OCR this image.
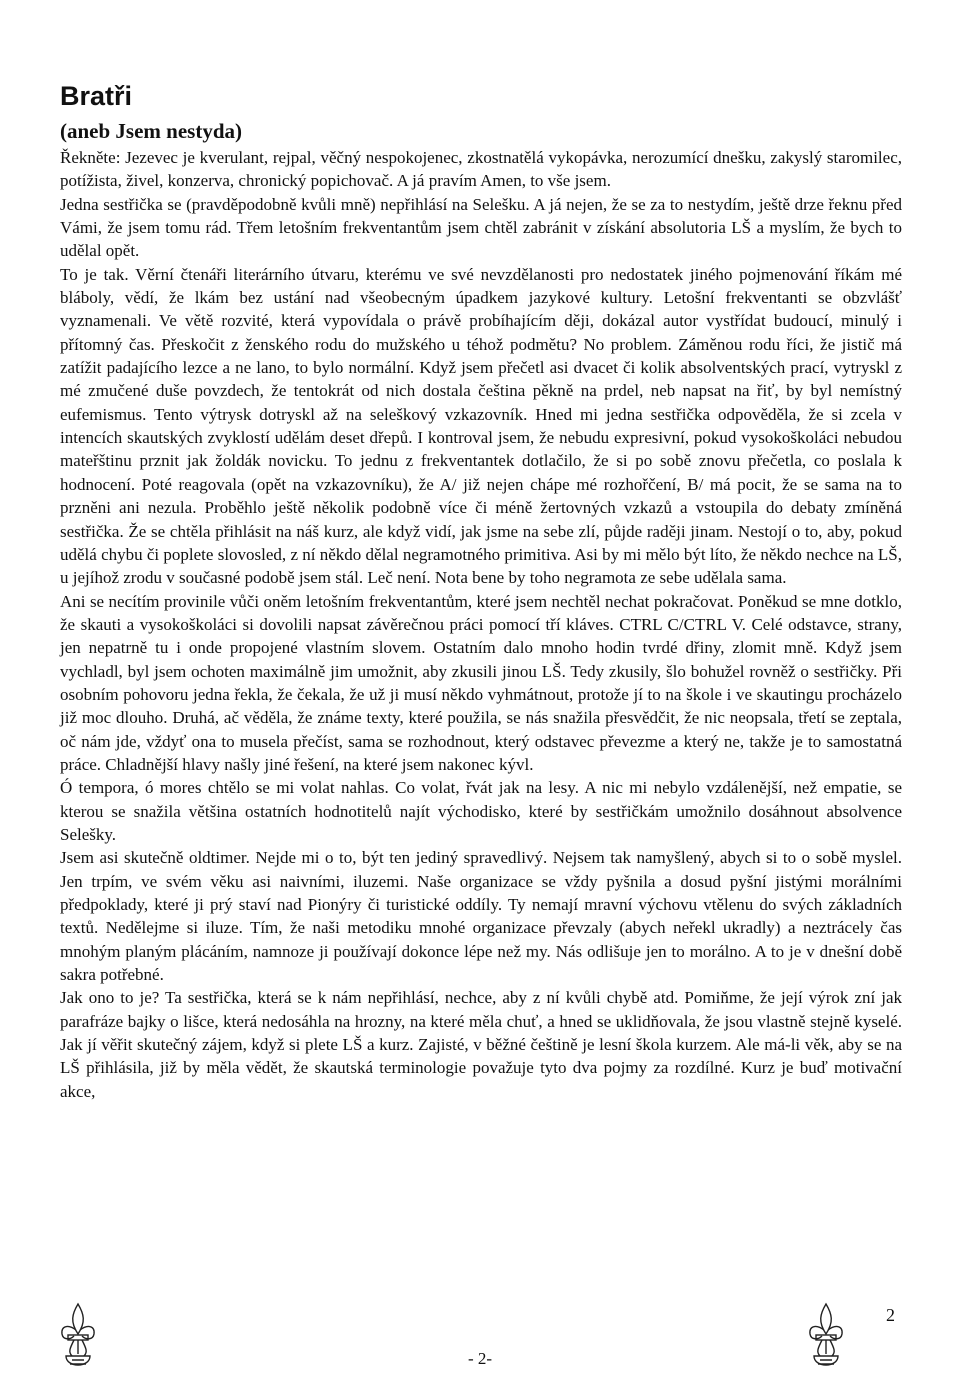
Bratři
(aneb Jsem nestyda)

Řekněte: Jezevec je kverulant, rejpal, věčný nespokojenec, zkostnatělá vykopávka, nerozumící dnešku, zakyslý staromilec, potížista, živel, konzerva, chronický popichovač. A já pravím Amen, to vše jsem.

Jedna sestřička se (pravděpodobně kvůli mně) nepřihlásí na Selešku. A já nejen, že se za to nestydím, ještě drze řeknu před Vámi, že jsem tomu rád. Třem letošním frekventantům jsem chtěl zabránit v získání absolutoria LŠ a myslím, že bych to udělal opět.

To je tak. Věrní čtenáři literárního útvaru, kterému ve své nevzdělanosti pro nedostatek jiného pojmenování říkám mé bláboly, vědí, že lkám bez ustání nad všeobecným úpadkem jazykové kultury. Letošní frekventanti se obzvlášť vyznamenali. Ve větě rozvité, která vypovídala o právě probíhajícím ději, dokázal autor vystřídat budoucí, minulý i přítomný čas. Přeskočit z ženského rodu do mužského u téhož podmětu? No problem. Záměnou rodu říci, že jistič má zatížit padajícího lezce a ne lano, to bylo normální. Když jsem přečetl asi dvacet či kolik absolventských prací, vytryskl z mé zmučené duše povzdech, že tentokrát od nich dostala čeština pěkně na prdel, neb napsat na řiť, by byl nemístný eufemismus. Tento výtrysk dotryskl až na seleškový vzkazovník. Hned mi jedna sestřička odpověděla, že si zcela v intencích skautských zvyklostí udělám deset dřepů. I kontroval jsem, že nebudu expresivní, pokud vysokoškoláci nebudou mateřštinu prznit jak žoldák novicku. To jednu z frekventantek dotlačilo, že si po sobě znovu přečetla, co poslala k hodnocení. Poté reagovala (opět na vzkazovníku), že A/ již nejen chápe mé rozhořčení, B/ má pocit, že se sama na to przněni ani nezula. Proběhlo ještě několik podobně více či méně žertovných vzkazů a vstoupila do debaty zmíněná sestřička. Že se chtěla přihlásit na náš kurz, ale když vidí, jak jsme na sebe zlí, půjde raději jinam. Nestojí o to, aby, pokud udělá chybu či poplete slovosled, z ní někdo dělal negramotného primitiva. Asi by mi mělo být líto, že někdo nechce na LŠ, u jejíhož zrodu v současné podobě jsem stál. Leč není. Nota bene by toho negramota ze sebe udělala sama.

Ani se necítím provinile vůči oněm letošním frekventantům, které jsem nechtěl nechat pokračovat. Poněkud se mne dotklo, že skauti a vysokoškoláci si dovolili napsat závěrečnou práci pomocí tří kláves. CTRL C/CTRL V. Celé odstavce, strany, jen nepatrně tu i onde propojené vlastním slovem. Ostatním dalo mnoho hodin tvrdé dřiny, zlomit mně. Když jsem vychladl, byl jsem ochoten maximálně jim umožnit, aby zkusili jinou LŠ. Tedy zkusily, šlo bohužel rovněž o sestřičky. Při osobním pohovoru jedna řekla, že čekala, že už ji musí někdo vyhmátnout, protože jí to na škole i ve skautingu procházelo již moc dlouho. Druhá, ač věděla, že známe texty, které použila, se nás snažila přesvědčit, že nic neopsala, třetí se zeptala, oč nám jde, vždyť ona to musela přečíst, sama se rozhodnout, který odstavec převezme a který ne, takže je to samostatná práce. Chladnější hlavy našly jiné řešení, na které jsem nakonec kývl.

Ó tempora, ó mores chtělo se mi volat nahlas. Co volat, řvát jak na lesy. A nic mi nebylo vzdálenější, než empatie, se kterou se snažila většina ostatních hodnotitelů najít východisko, které by sestřičkám umožnilo dosáhnout absolvence Selešky.

Jsem asi skutečně oldtimer. Nejde mi o to, být ten jediný spravedlivý. Nejsem tak namyšlený, abych si to o sobě myslel. Jen trpím, ve svém věku asi naivními, iluzemi. Naše organizace se vždy pyšnila a dosud pyšní jistými morálními předpoklady, které ji prý staví nad Pionýry či turistické oddíly. Ty nemají mravní výchovu vtělenu do svých základních textů. Nedělejme si iluze. Tím, že naši metodiku mnohé organizace převzaly (abych neřekl ukradly) a neztrácely čas mnohým planým plácáním, namnoze ji používají dokonce lépe než my. Nás odlišuje jen to morálno. A to je v dnešní době sakra potřebné.

Jak ono to je? Ta sestřička, která se k nám nepřihlásí, nechce, aby z ní kvůli chybě atd. Pomiňme, že její výrok zní jak parafráze bajky o lišce, která nedosáhla na hrozny, na které měla chuť, a hned se uklidňovala, že jsou vlastně stejně kyselé. Jak jí věřit skutečný zájem, když si plete LŠ a kurz. Zajisté, v běžné češtině je lesní škola kurzem. Ale má-li věk, aby se na LŠ přihlásila, již by měla vědět, že skautská terminologie považuje tyto dva pojmy za rozdílné. Kurz je buď motivační akce,

2
- 2-
